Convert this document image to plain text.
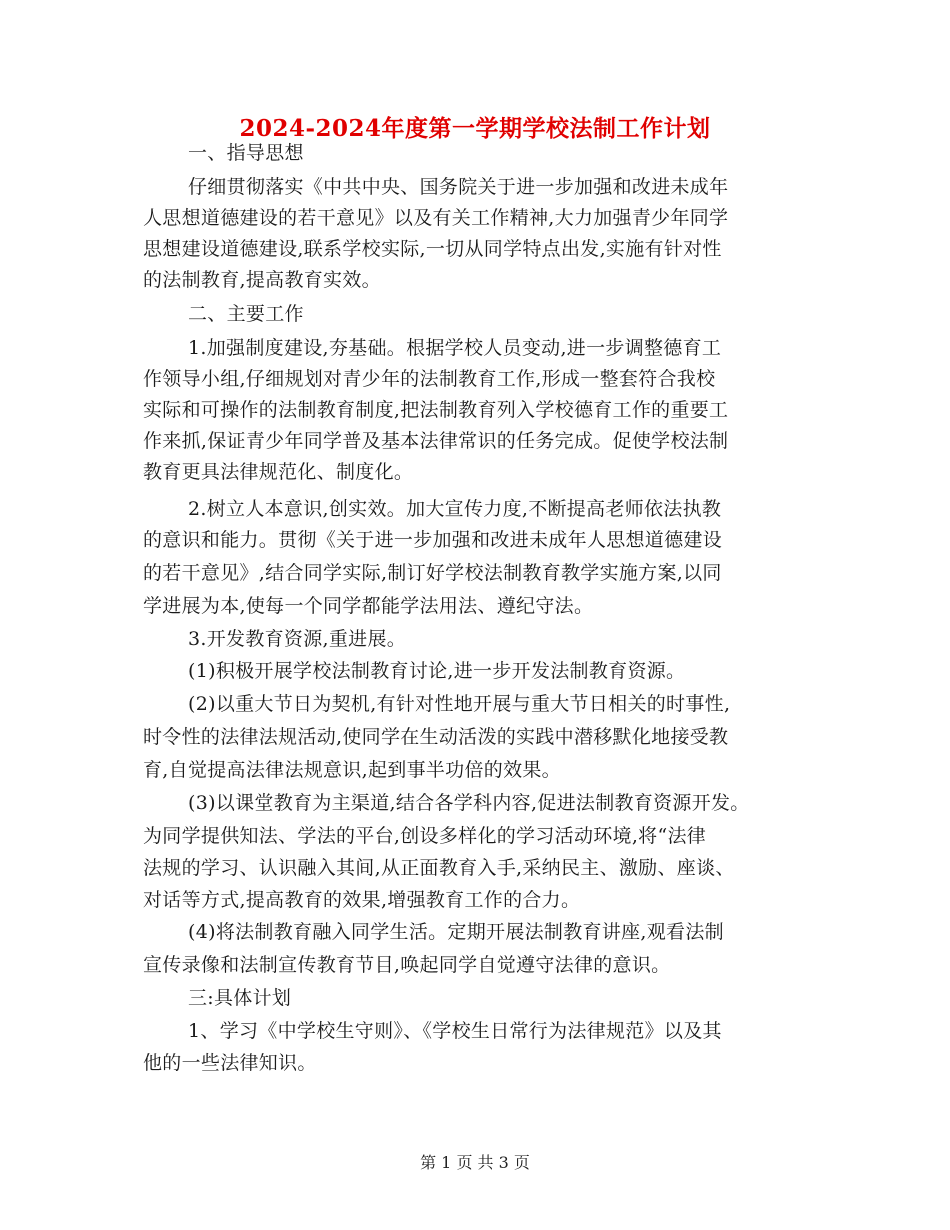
2024-2024年度第一学期学校法制工作计划
一、指导思想
仔细贯彻落实《中共中央、国务院关于进一步加强和改进未成年
人思想道德建设的若干意见》以及有关工作精神,大力加强青少年同学
思想建设道德建设,联系学校实际,一切从同学特点出发,实施有针对性
的法制教育,提高教育实效。
二、主要工作
1.加强制度建设,夯基础。根据学校人员变动,进一步调整德育工
作领导小组,仔细规划对青少年的法制教育工作,形成一整套符合我校
实际和可操作的法制教育制度,把法制教育列入学校德育工作的重要工
作来抓,保证青少年同学普及基本法律常识的任务完成。促使学校法制
教育更具法律规范化、制度化。
2.树立人本意识,创实效。加大宣传力度,不断提高老师依法执教
的意识和能力。贯彻《关于进一步加强和改进未成年人思想道德建设
的若干意见》,结合同学实际,制订好学校法制教育教学实施方案,以同
学进展为本,使每一个同学都能学法用法、遵纪守法。
3.开发教育资源,重进展。
(1)积极开展学校法制教育讨论,进一步开发法制教育资源。
(2)以重大节日为契机,有针对性地开展与重大节日相关的时事性,
时令性的法律法规活动,使同学在生动活泼的实践中潜移默化地接受教
育,自觉提高法律法规意识,起到事半功倍的效果。
(3)以课堂教育为主渠道,结合各学科内容,促进法制教育资源开发。
为同学提供知法、学法的平台,创设多样化的学习活动环境,将“法律
法规的学习、认识融入其间,从正面教育入手,采纳民主、激励、座谈、
对话等方式,提高教育的效果,增强教育工作的合力。
(4)将法制教育融入同学生活。定期开展法制教育讲座,观看法制
宣传录像和法制宣传教育节目,唤起同学自觉遵守法律的意识。
三:具体计划
1、学习《中学校生守则》、《学校生日常行为法律规范》以及其
他的一些法律知识。
第 1 页 共 3 页
